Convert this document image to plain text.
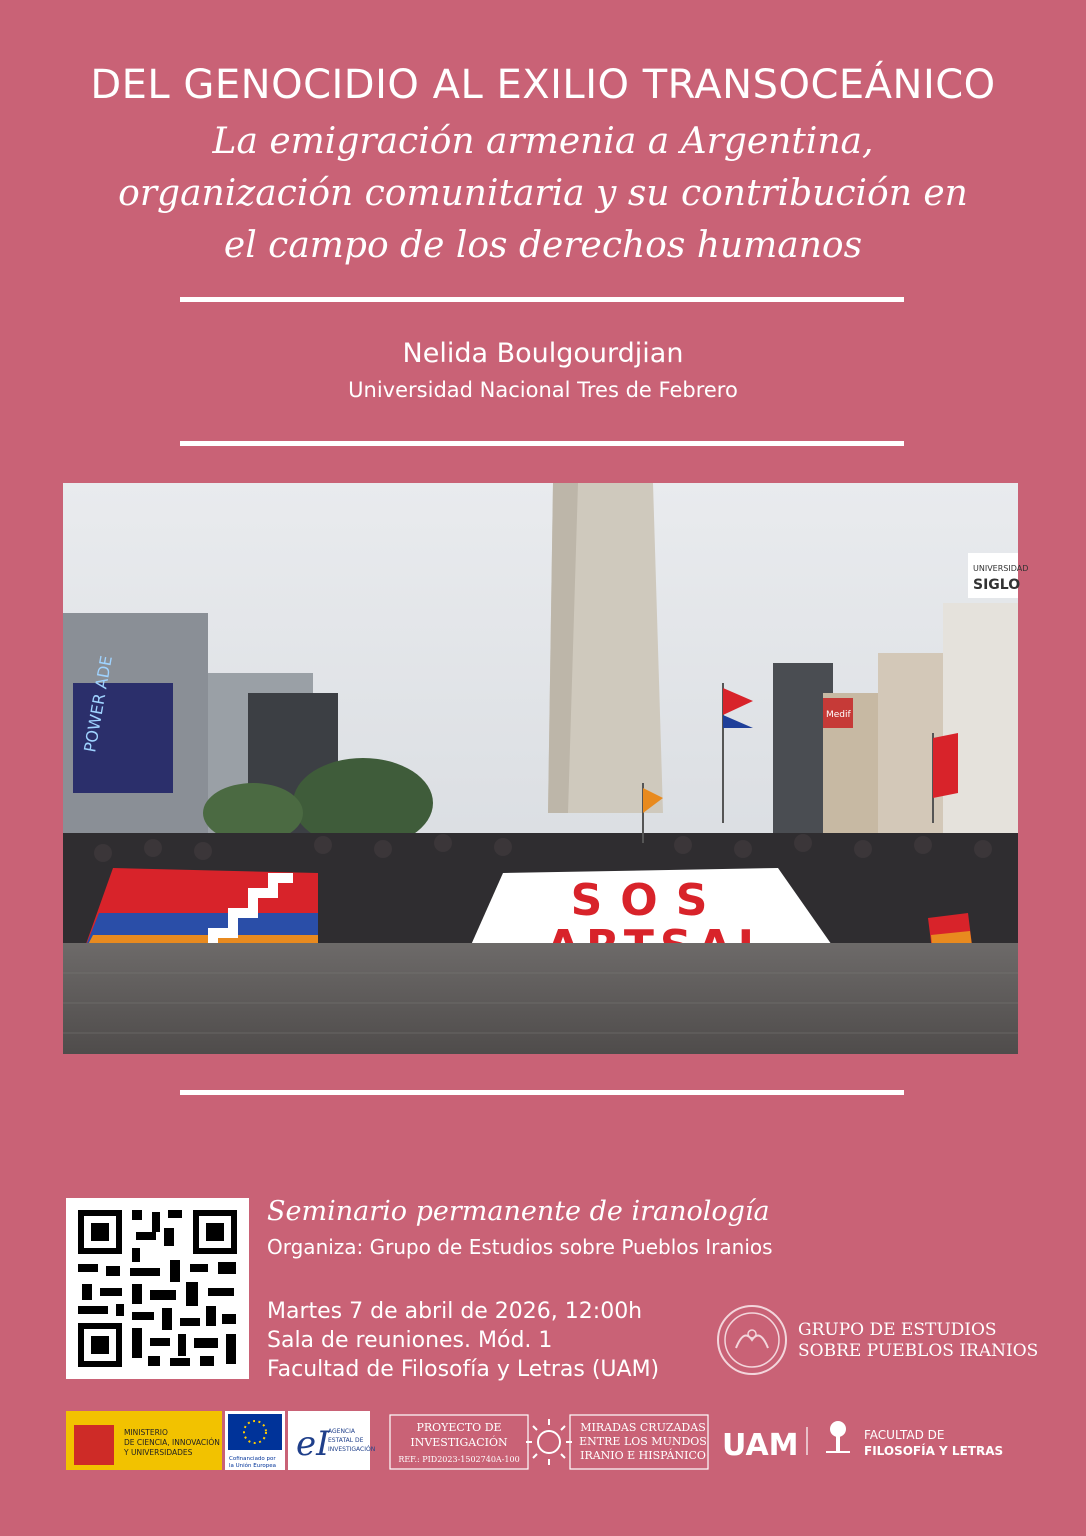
DEL GENOCIDIO AL EXILIO TRANSOCEÁNICO
La emigración armenia a Argentina,
organización comunitaria y su contribución en
el campo de los derechos humanos
Nelida Boulgourdjian
Universidad Nacional Tres de Febrero
POWER ADE
UNIVERSIDAD
SIGLO
Medif
SOS
Seminario permanente de iranología
Organiza: Grupo de Estudios sobre Pueblos Iranios
Martes 7 de abril de 2026, 12:00h
Sala de reuniones. Mód. 1
Facultad de Filosofía y Letras (UAM)
GRUPO DE ESTUDIOS
SOBRE PUEBLOS IRANIOS
MINISTERIO
DE CIENCIA, INNOVACIÓN
Y UNIVERSIDADES
Cofinanciado por
la Unión Europea
eI
AGENCIA
ESTATAL DE
INVESTIGACIÓN
PROYECTO DE
INVESTIGACIÓN
REF.: PID2023-1502740A-100
MIRADAS CRUZADAS
ENTRE LOS MUNDOS
IRANIO E HISPÁNICO UAM	FACULTAD DE
FILOSOFÍA Y LETRAS
